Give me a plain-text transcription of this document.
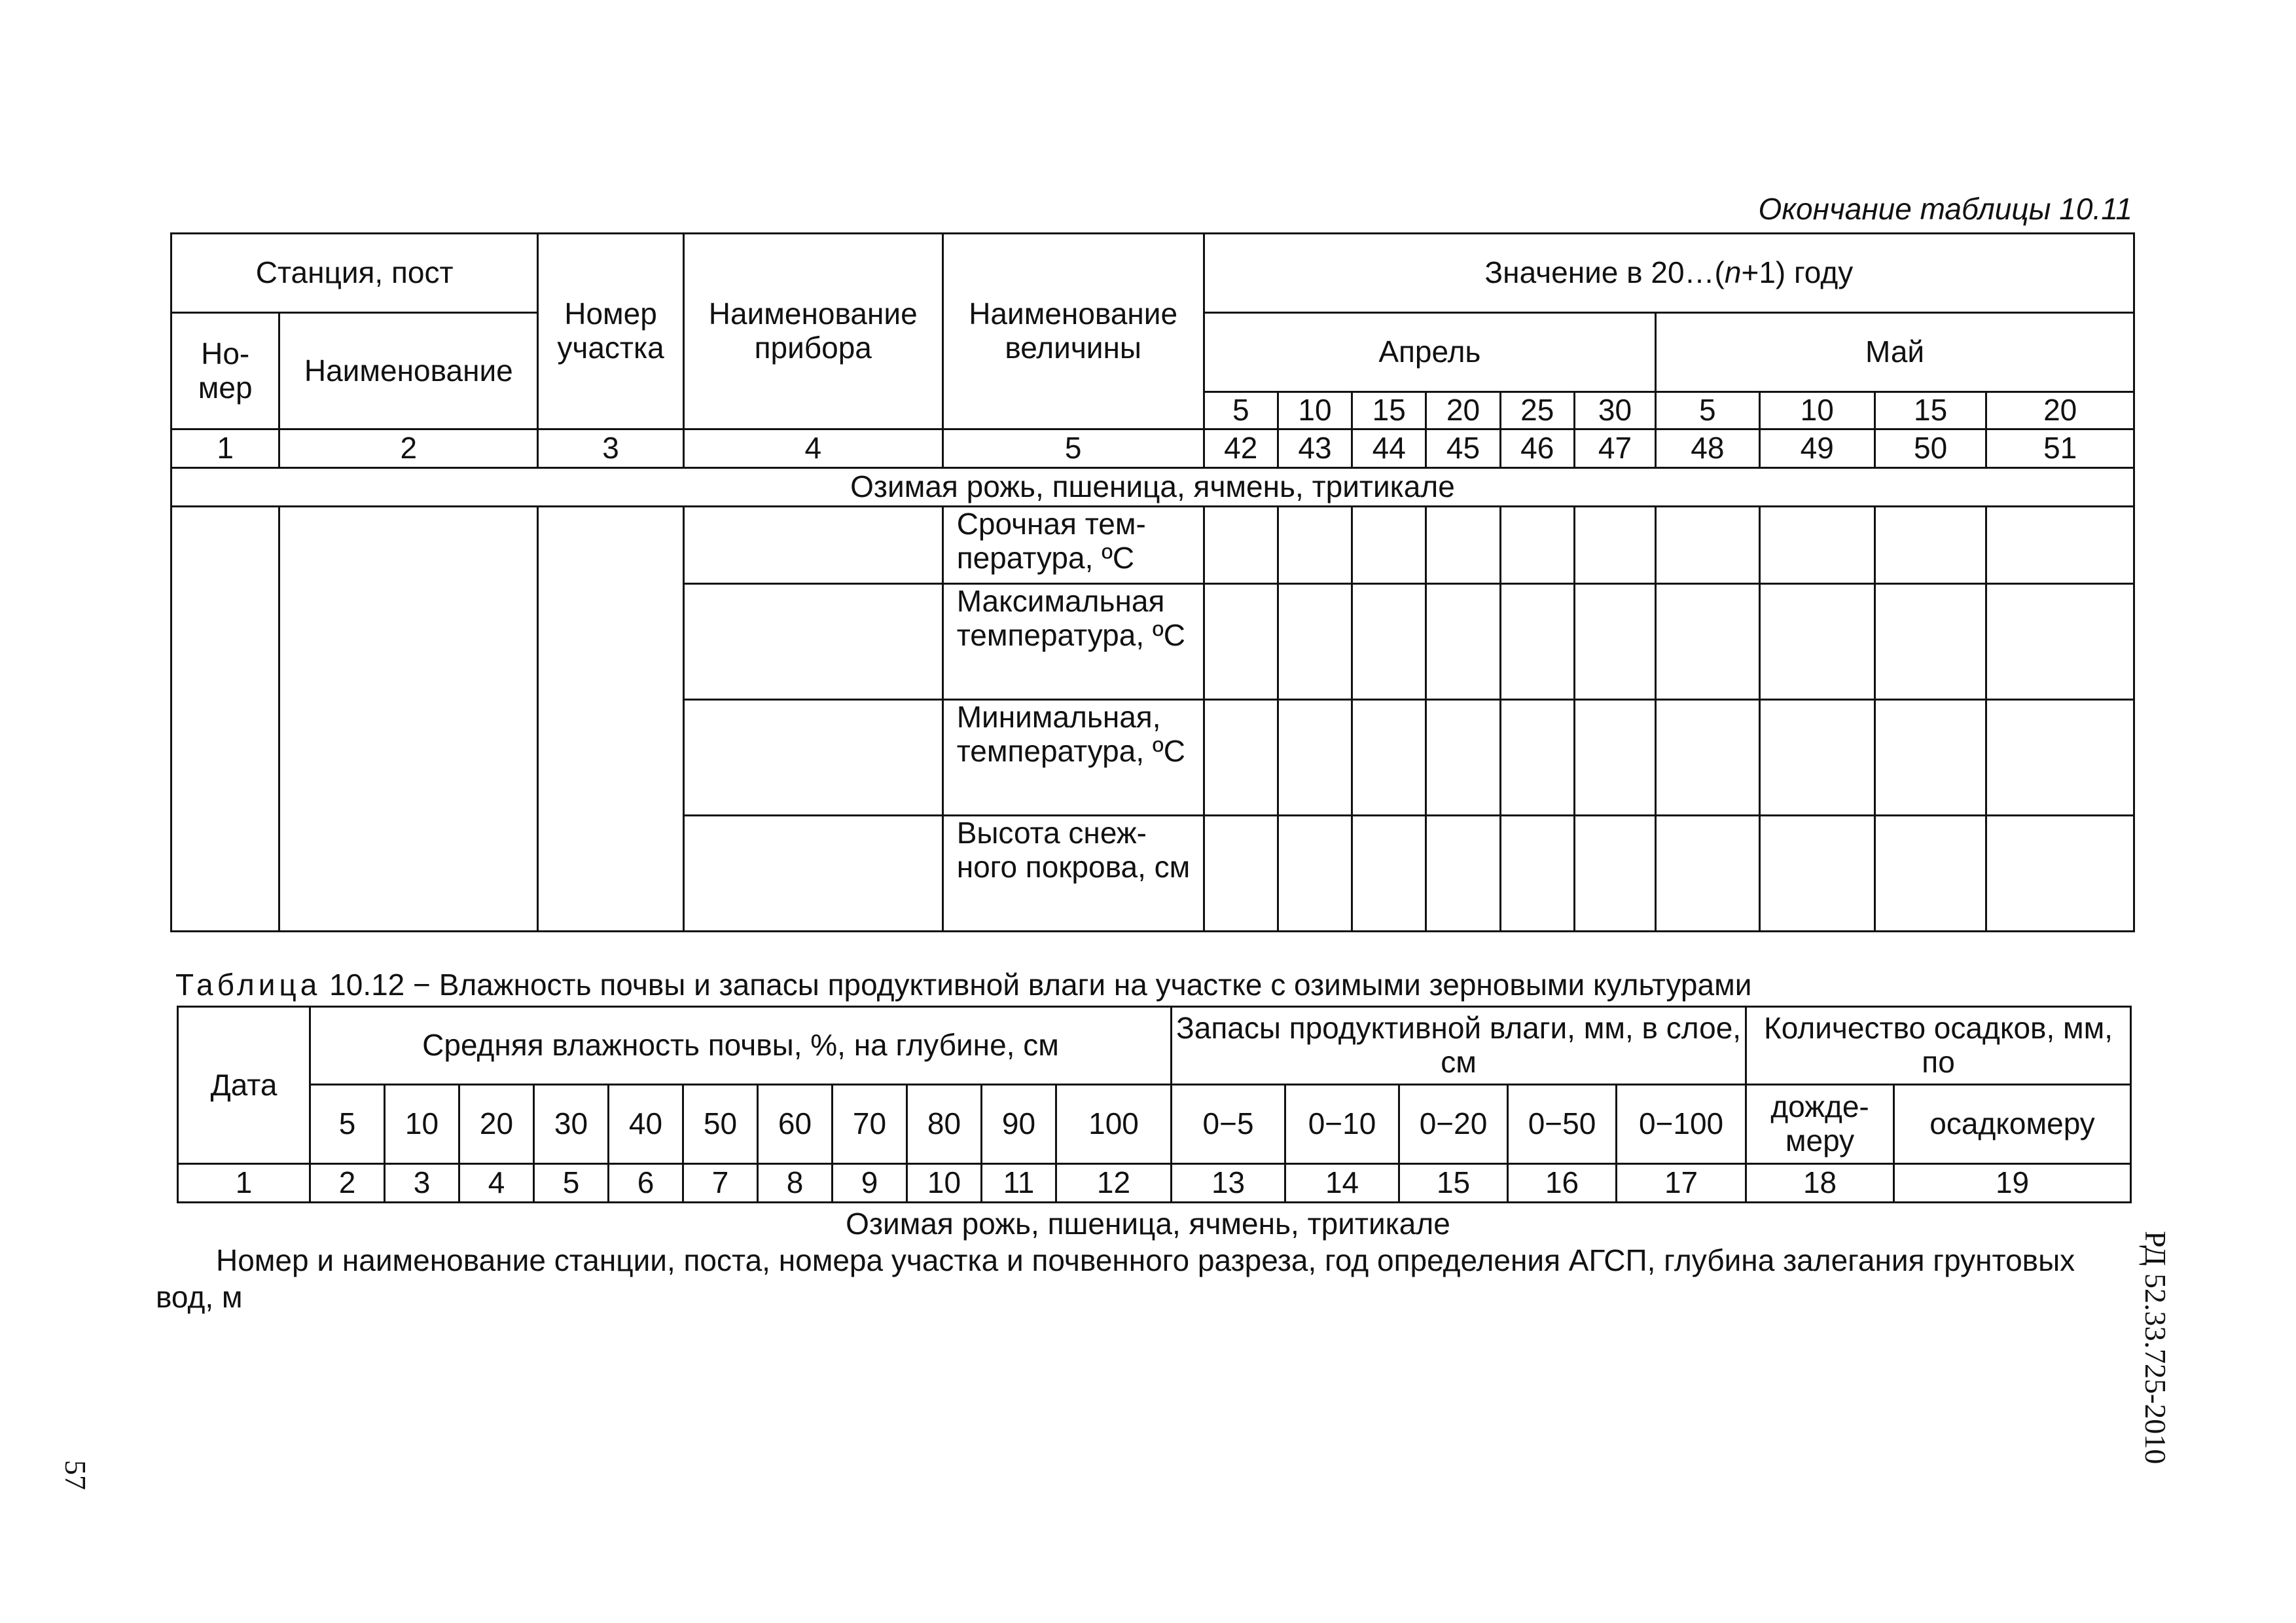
Окончание таблицы 10.11
Станция, пост		Номер участка	Наименование прибора	Наименование величины	Значение в 20…(n+1) году									
Но-мер	Наименование				Апрель						Май			
					5	10	15	20	25	30	5	10	15	20
1	2	3	4	5	42	43	44	45	46	47	48	49	50	51
Озимая рожь, пшеница, ячмень, тритикале														
				Срочная тем-пература, ºС										
				Максимальная температура, ºС										
				Минимальная, температура, ºС										
				Высота снеж-ного покрова, см										
Таблица 10.12 − Влажность почвы и запасы продуктивной влаги на участке с озимыми зерновыми культурами
Дата	Средняя влажность почвы, %, на глубине, см											Запасы продуктивной влаги, мм, в слое, см					Количество осадков, мм, по	
	5	10	20	30	40	50	60	70	80	90	100	0−5	0−10	0−20	0−50	0−100	дожде-меру	осадкомеру
1	2	3	4	5	6	7	8	9	10	11	12	13	14	15	16	17	18	19
Озимая рожь, пшеница, ячмень, тритикале
Номер и наименование станции, поста, номера участка и почвенного разреза, год определения АГСП, глубина залегания грунтовых вод, м	РД 52.33.725-2010
57
